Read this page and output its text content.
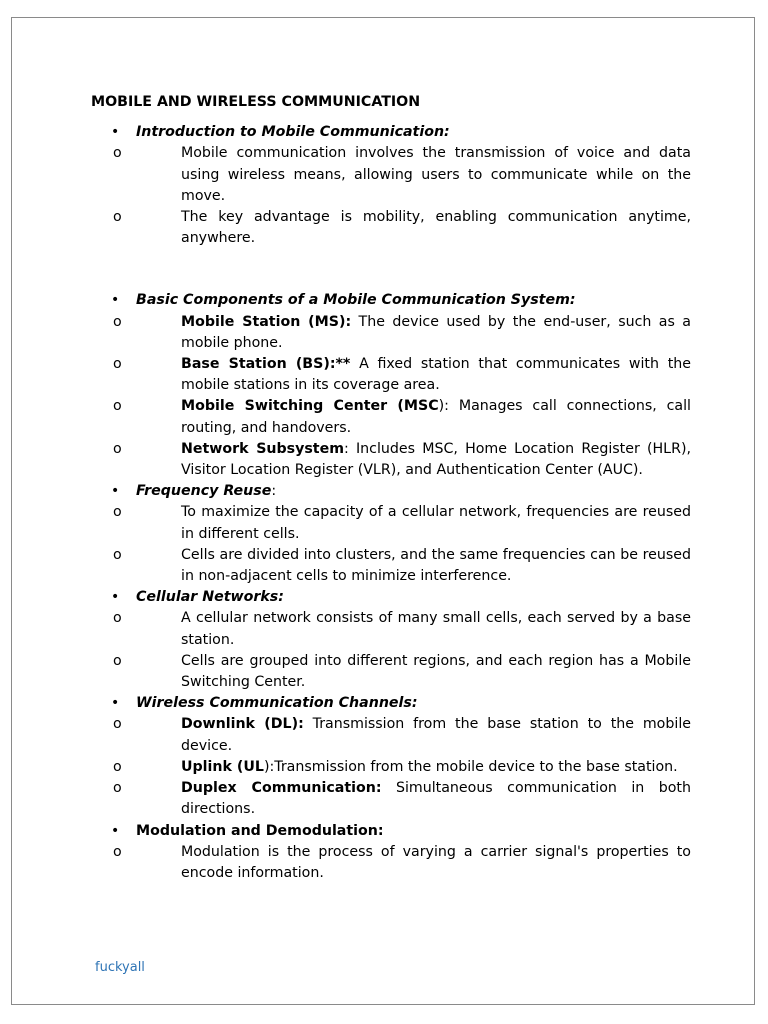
MOBILE AND WIRELESS COMMUNICATION
• Introduction to Mobile Communication:
o	Mobile communication involves the transmission of voice and data using wireless means, allowing users to communicate while on the move.
o	The key advantage is mobility, enabling communication anytime, anywhere.
• Basic Components of a Mobile Communication System:
o	Mobile Station (MS): The device used by the end-user, such as a mobile phone.
o	Base Station (BS):** A fixed station that communicates with the mobile stations in its coverage area.
o	Mobile Switching Center (MSC): Manages call connections, call routing, and handovers.
o	Network Subsystem: Includes MSC, Home Location Register (HLR), Visitor Location Register (VLR), and Authentication Center (AUC).
• Frequency Reuse:
o	To maximize the capacity of a cellular network, frequencies are reused in different cells.
o	Cells are divided into clusters, and the same frequencies can be reused in non-adjacent cells to minimize interference.
• Cellular Networks:
o	A cellular network consists of many small cells, each served by a base station.
o	Cells are grouped into different regions, and each region has a Mobile Switching Center.
• Wireless Communication Channels:
o	Downlink (DL): Transmission from the base station to the mobile device.
o	Uplink (UL):Transmission from the mobile device to the base station.
o	Duplex Communication: Simultaneous communication in both directions.
• Modulation and Demodulation:
o	Modulation is the process of varying a carrier signal's properties to encode information.
fuckyall
